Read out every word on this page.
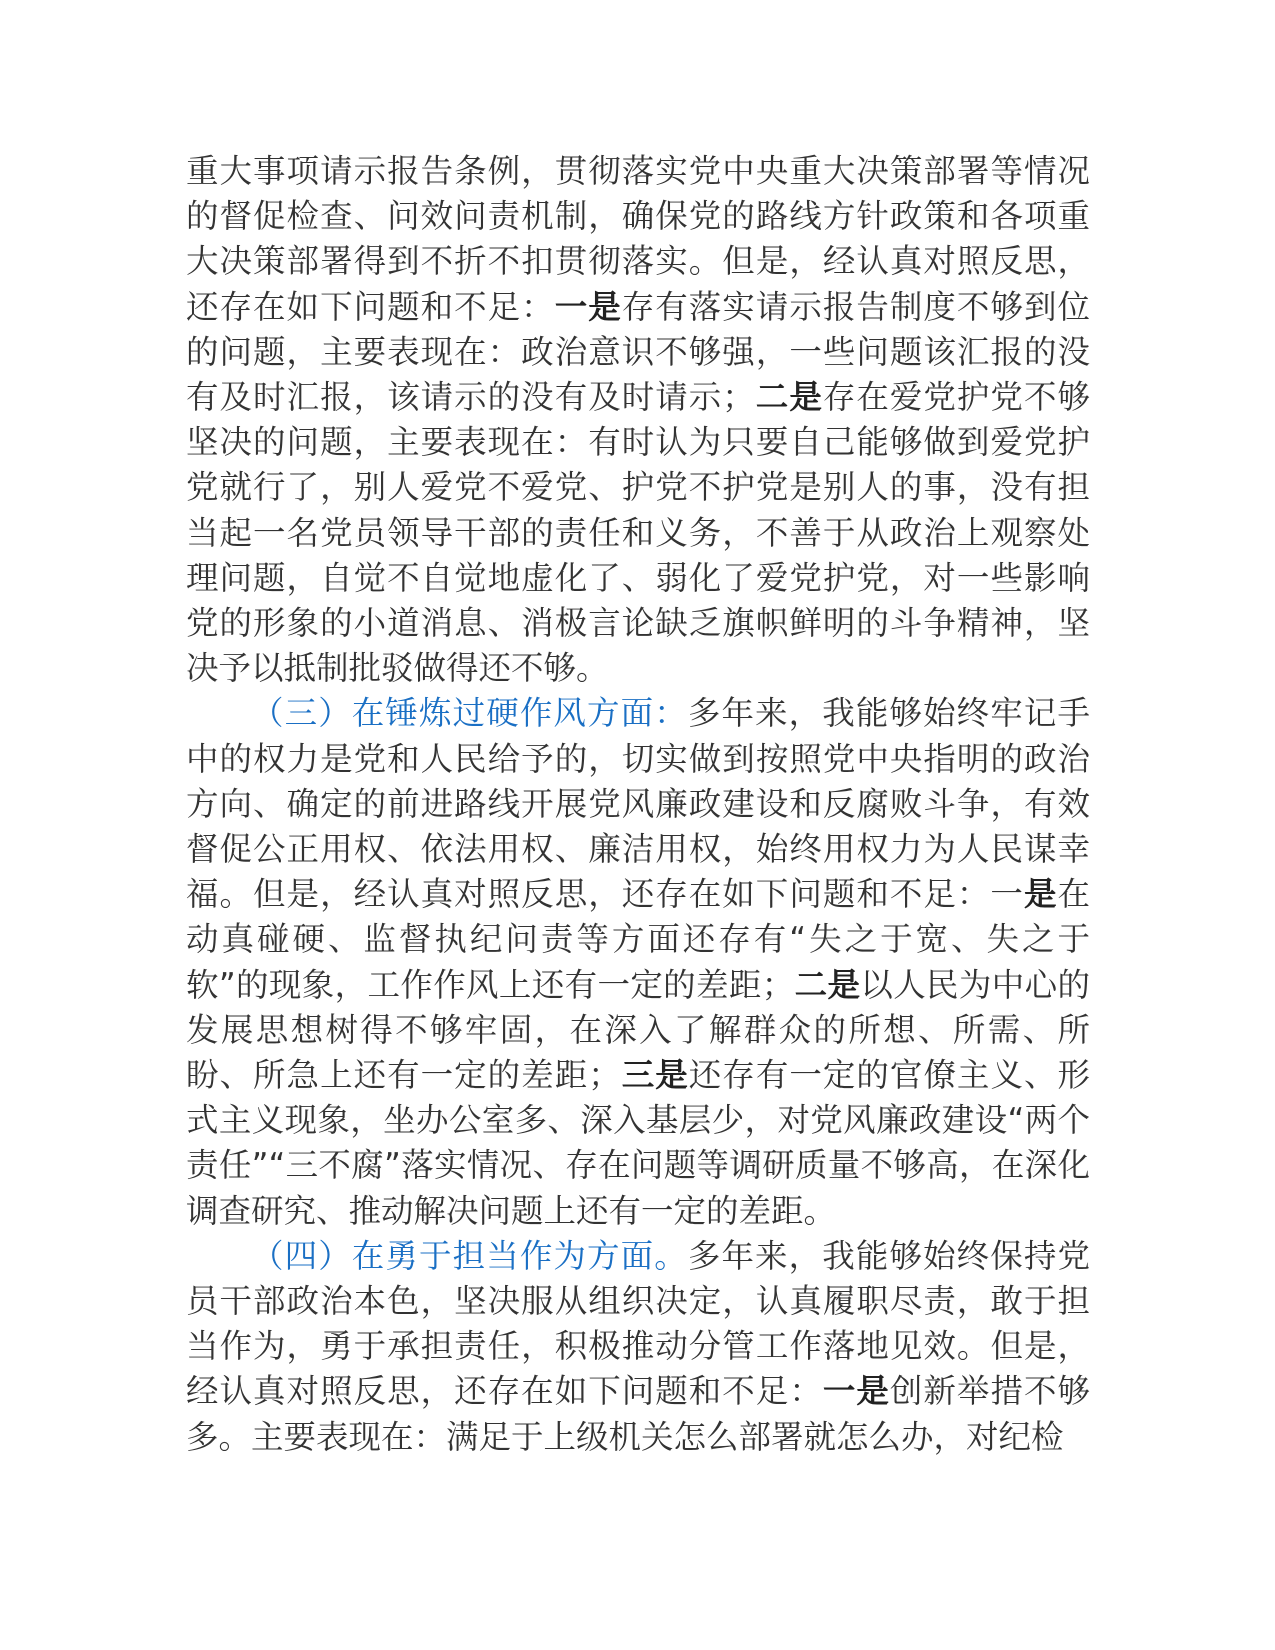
重大事项请示报告条例，贯彻落实党中央重大决策部署等情况的督促检查、问效问责机制，确保党的路线方针政策和各项重大决策部署得到不折不扣贯彻落实。但是，经认真对照反思，还存在如下问题和不足：一是存有落实请示报告制度不够到位的问题，主要表现在：政治意识不够强，一些问题该汇报的没有及时汇报，该请示的没有及时请示；二是存在爱党护党不够坚决的问题，主要表现在：有时认为只要自己能够做到爱党护党就行了，别人爱党不爱党、护党不护党是别人的事，没有担当起一名党员领导干部的责任和义务，不善于从政治上观察处理问题，自觉不自觉地虚化了、弱化了爱党护党，对一些影响党的形象的小道消息、消极言论缺乏旗帜鲜明的斗争精神，坚决予以抵制批驳做得还不够。

（三）在锤炼过硬作风方面：多年来，我能够始终牢记手中的权力是党和人民给予的，切实做到按照党中央指明的政治方向、确定的前进路线开展党风廉政建设和反腐败斗争，有效督促公正用权、依法用权、廉洁用权，始终用权力为人民谋幸福。但是，经认真对照反思，还存在如下问题和不足：一是在动真碰硬、监督执纪问责等方面还存有“失之于宽、失之于软”的现象，工作作风上还有一定的差距；二是以人民为中心的发展思想树得不够牢固，在深入了解群众的所想、所需、所盼、所急上还有一定的差距；三是还存有一定的官僚主义、形式主义现象，坐办公室多、深入基层少，对党风廉政建设“两个责任”“三不腐”落实情况、存在问题等调研质量不够高，在深化调查研究、推动解决问题上还有一定的差距。

（四）在勇于担当作为方面。多年来，我能够始终保持党员干部政治本色，坚决服从组织决定，认真履职尽责，敢于担当作为，勇于承担责任，积极推动分管工作落地见效。但是，经认真对照反思，还存在如下问题和不足：一是创新举措不够多。主要表现在：满足于上级机关怎么部署就怎么办，对纪检
